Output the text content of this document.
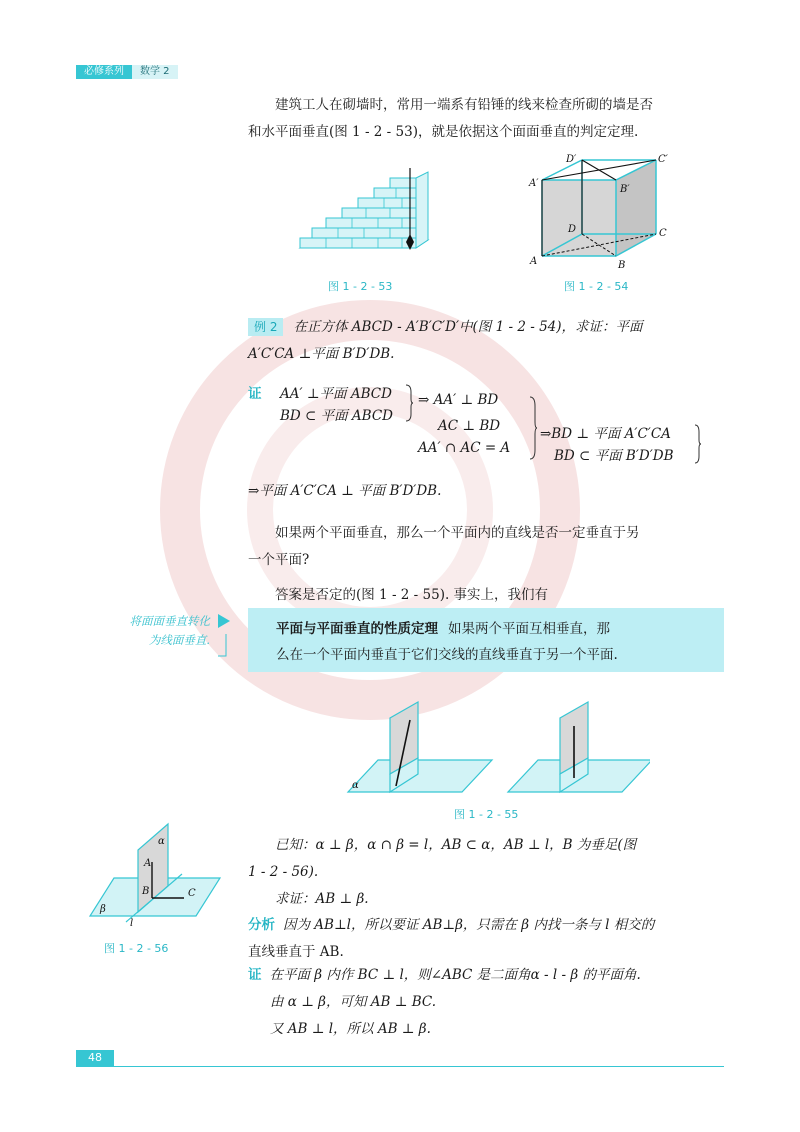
必修系列	数学 2
建筑工人在砌墙时，常用一端系有铅锤的线来检查所砌的墙是否
和水平面垂直(图 1 - 2 - 53)，就是依据这个面面垂直的判定定理.
图 1 - 2 - 53
A	B
C
D
A′
B′
C′
D′
图 1 - 2 - 54
例 2 在正方体 ABCD - A′B′C′D′中(图 1 - 2 - 54)，求证：平面
A′C′CA ⊥平面 B′D′DB.
证 AA′ ⊥平面 ABCD
BD ⊂ 平面 ABCD
⇒ AA′ ⊥ BD
AC ⊥ BD
AA′ ∩ AC = A
⇒BD ⊥ 平面 A′C′CA
BD ⊂ 平面 B′D′DB
⇒平面 A′C′CA ⊥ 平面 B′D′DB.
如果两个平面垂直，那么一个平面内的直线是否一定垂直于另
一个平面?
答案是否定的(图 1 - 2 - 55). 事实上，我们有
将面面垂直转化
为线面垂直.
平面与平面垂直的性质定理 如果两个平面互相垂直，那
么在一个平面内垂直于它们交线的直线垂直于另一个平面.
α
图 1 - 2 - 55
α
A
B	C
β
l
图 1 - 2 - 56
已知：α ⊥ β，α ∩ β = l，AB ⊂ α，AB ⊥ l，B 为垂足(图
1 - 2 - 56).
求证：AB ⊥ β.
分析 因为 AB⊥l，所以要证 AB⊥β，只需在 β 内找一条与 l 相交的
直线垂直于 AB.
证 在平面 β 内作 BC ⊥ l，则∠ABC 是二面角α - l - β 的平面角.
由 α ⊥ β，可知 AB ⊥ BC.
又 AB ⊥ l，所以 AB ⊥ β.
48
